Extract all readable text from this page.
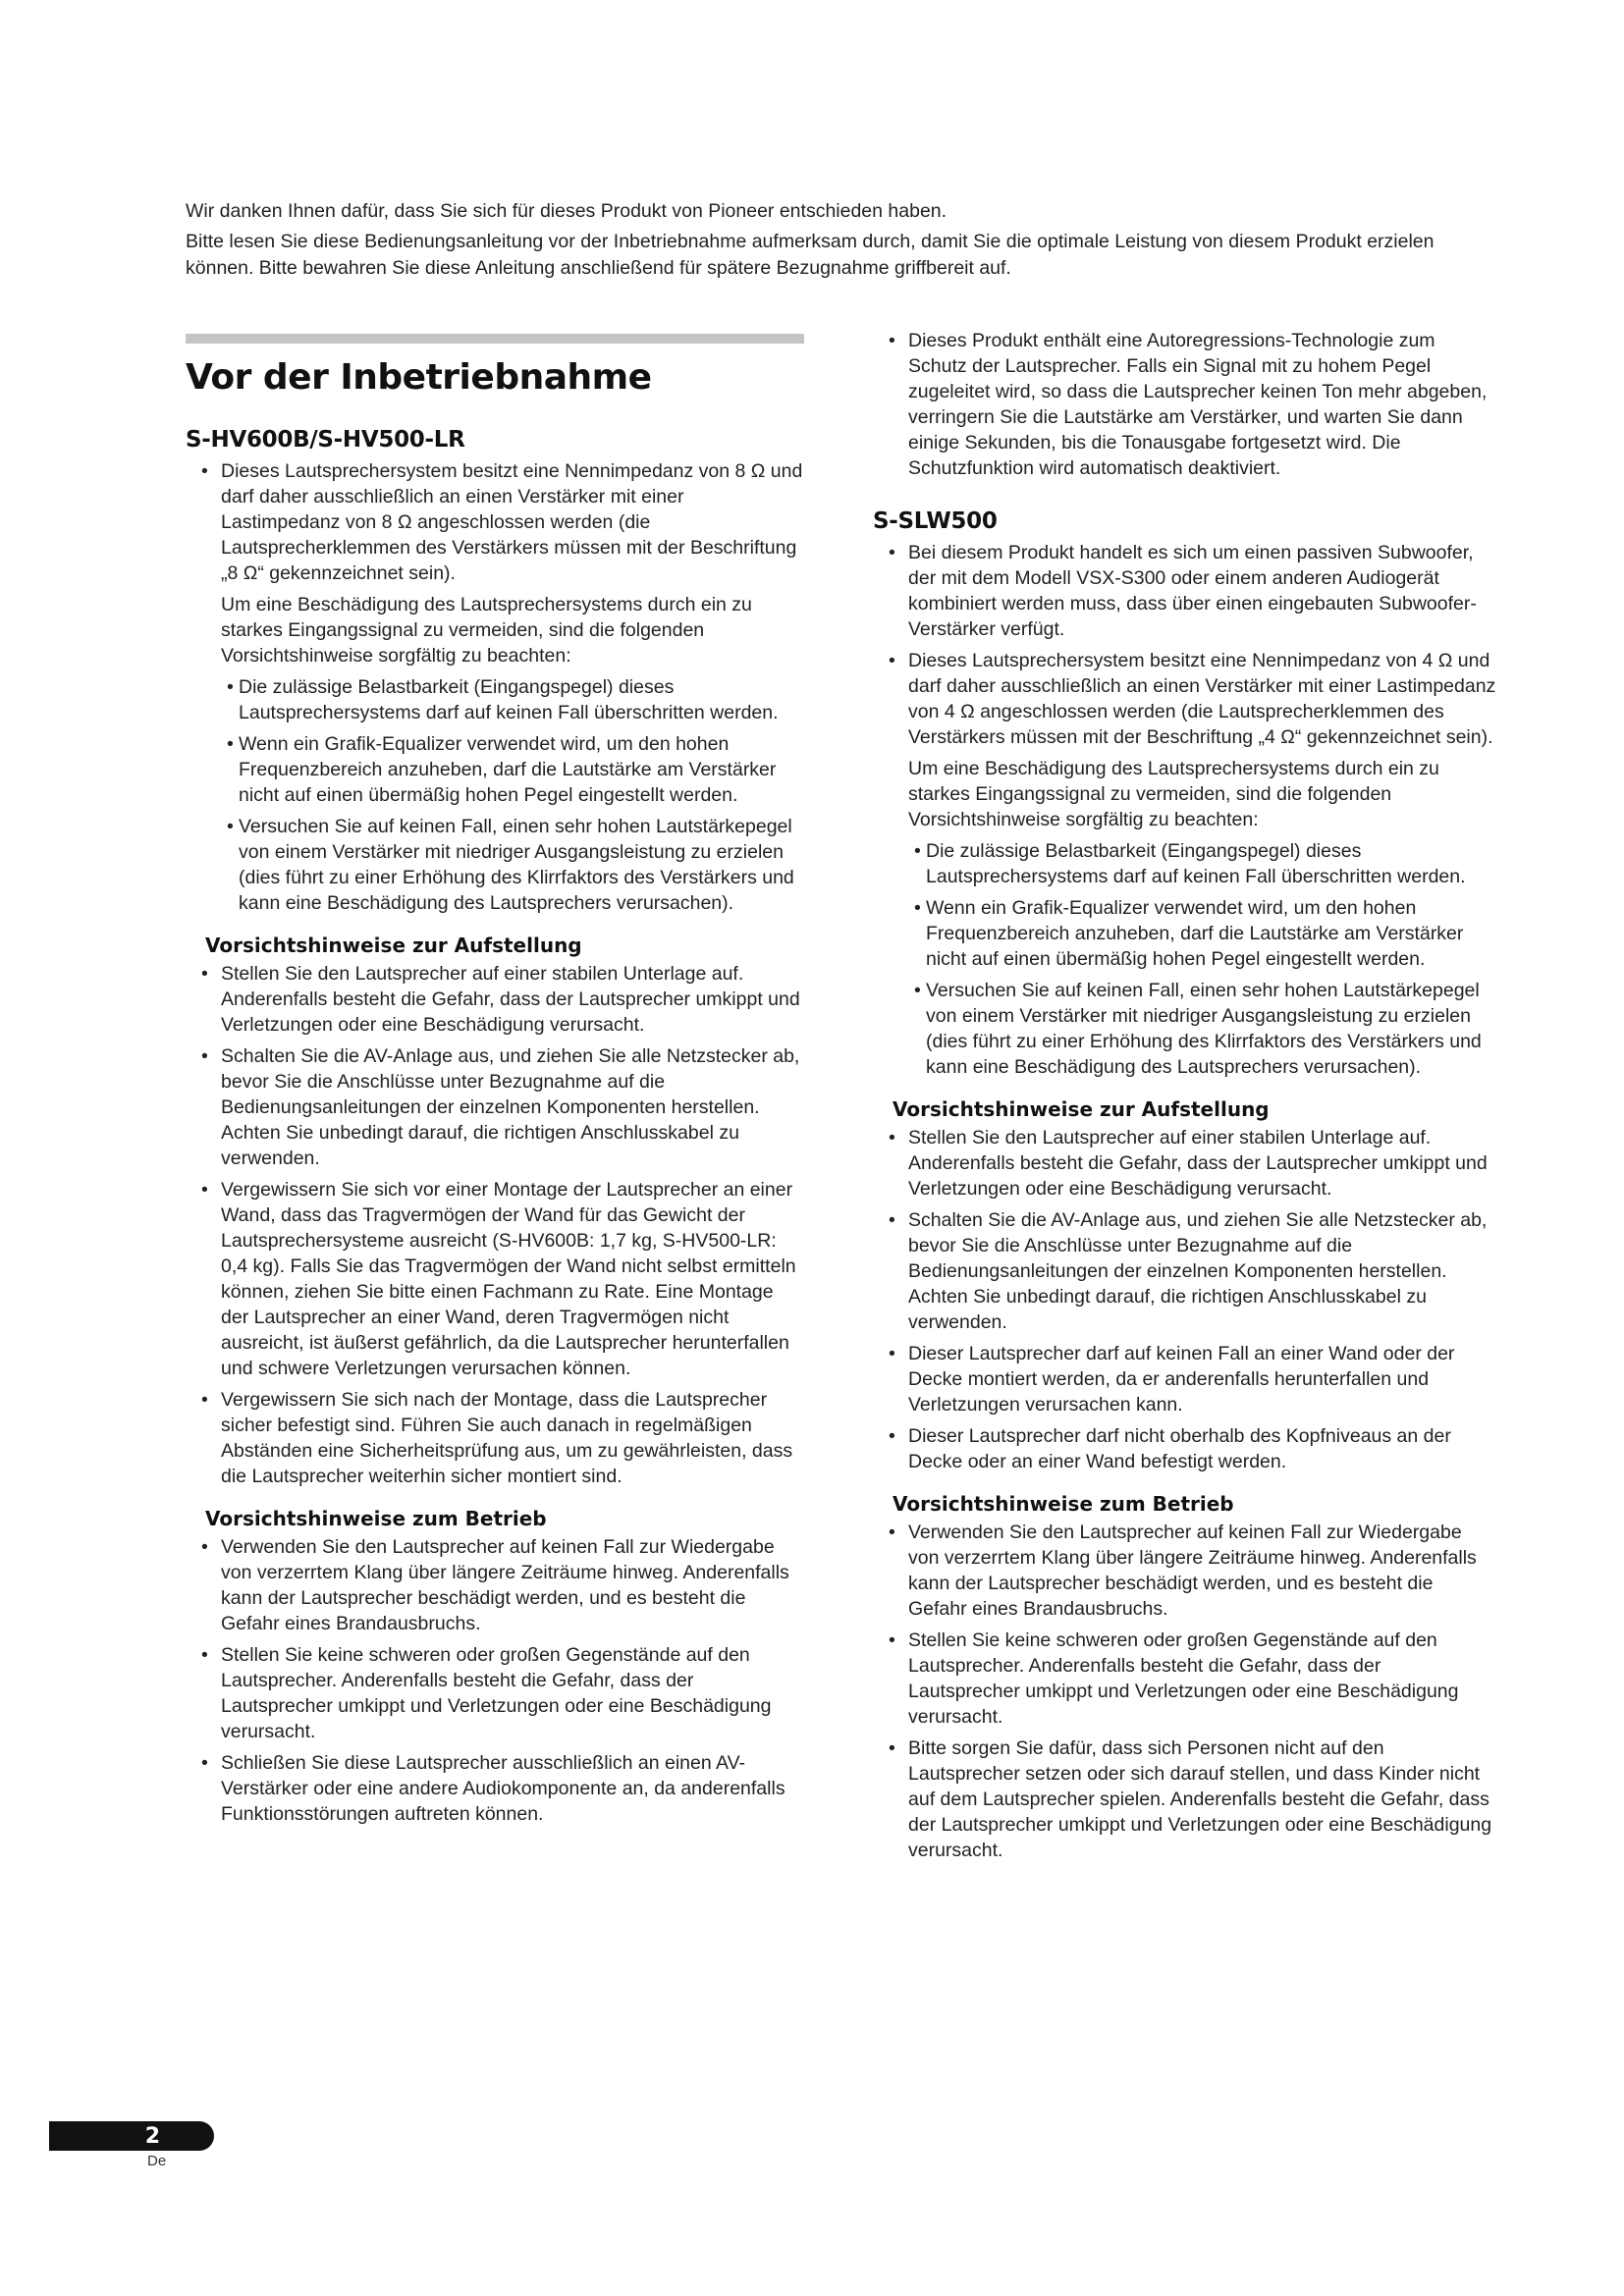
Wir danken Ihnen dafür, dass Sie sich für dieses Produkt von Pioneer entschieden haben.

Bitte lesen Sie diese Bedienungsanleitung vor der Inbetriebnahme aufmerksam durch, damit Sie die optimale Leistung von diesem Produkt erzielen können. Bitte bewahren Sie diese Anleitung anschließend für spätere Bezugnahme griffbereit auf.

Vor der Inbetriebnahme
S-HV600B/S-HV500-LR
• Dieses Lautsprechersystem besitzt eine Nennimpedanz von 8 Ω und darf daher ausschließlich an einen Verstärker mit einer Lastimpedanz von 8 Ω angeschlossen werden (die Lautsprecherklemmen des Verstärkers müssen mit der Beschriftung „8 Ω“ gekennzeichnet sein).
Um eine Beschädigung des Lautsprechersystems durch ein zu starkes Eingangssignal zu vermeiden, sind die folgenden Vorsichtshinweise sorgfältig zu beachten:
• Die zulässige Belastbarkeit (Eingangspegel) dieses Lautsprechersystems darf auf keinen Fall überschritten werden.
• Wenn ein Grafik-Equalizer verwendet wird, um den hohen Frequenzbereich anzuheben, darf die Lautstärke am Verstärker nicht auf einen übermäßig hohen Pegel eingestellt werden.
• Versuchen Sie auf keinen Fall, einen sehr hohen Lautstärkepegel von einem Verstärker mit niedriger Ausgangsleistung zu erzielen (dies führt zu einer Erhöhung des Klirrfaktors des Verstärkers und kann eine Beschädigung des Lautsprechers verursachen).
Vorsichtshinweise zur Aufstellung
• Stellen Sie den Lautsprecher auf einer stabilen Unterlage auf. Anderenfalls besteht die Gefahr, dass der Lautsprecher umkippt und Verletzungen oder eine Beschädigung verursacht.
• Schalten Sie die AV-Anlage aus, und ziehen Sie alle Netzstecker ab, bevor Sie die Anschlüsse unter Bezugnahme auf die Bedienungsanleitungen der einzelnen Komponenten herstellen. Achten Sie unbedingt darauf, die richtigen Anschlusskabel zu verwenden.
• Vergewissern Sie sich vor einer Montage der Lautsprecher an einer Wand, dass das Tragvermögen der Wand für das Gewicht der Lautsprechersysteme ausreicht (S-HV600B: 1,7 kg, S-HV500-LR: 0,4 kg). Falls Sie das Tragvermögen der Wand nicht selbst ermitteln können, ziehen Sie bitte einen Fachmann zu Rate. Eine Montage der Lautsprecher an einer Wand, deren Tragvermögen nicht ausreicht, ist äußerst gefährlich, da die Lautsprecher herunterfallen und schwere Verletzungen verursachen können.
• Vergewissern Sie sich nach der Montage, dass die Lautsprecher sicher befestigt sind. Führen Sie auch danach in regelmäßigen Abständen eine Sicherheitsprüfung aus, um zu gewährleisten, dass die Lautsprecher weiterhin sicher montiert sind.
Vorsichtshinweise zum Betrieb
• Verwenden Sie den Lautsprecher auf keinen Fall zur Wiedergabe von verzerrtem Klang über längere Zeiträume hinweg. Anderenfalls kann der Lautsprecher beschädigt werden, und es besteht die Gefahr eines Brandausbruchs.
• Stellen Sie keine schweren oder großen Gegenstände auf den Lautsprecher. Anderenfalls besteht die Gefahr, dass der Lautsprecher umkippt und Verletzungen oder eine Beschädigung verursacht.
• Schließen Sie diese Lautsprecher ausschließlich an einen AV-Verstärker oder eine andere Audiokomponente an, da anderenfalls Funktionsstörungen auftreten können.
• Dieses Produkt enthält eine Autoregressions-Technologie zum Schutz der Lautsprecher. Falls ein Signal mit zu hohem Pegel zugeleitet wird, so dass die Lautsprecher keinen Ton mehr abgeben, verringern Sie die Lautstärke am Verstärker, und warten Sie dann einige Sekunden, bis die Tonausgabe fortgesetzt wird. Die Schutzfunktion wird automatisch deaktiviert.
S-SLW500
• Bei diesem Produkt handelt es sich um einen passiven Subwoofer, der mit dem Modell VSX-S300 oder einem anderen Audiogerät kombiniert werden muss, dass über einen eingebauten Subwoofer-Verstärker verfügt.
• Dieses Lautsprechersystem besitzt eine Nennimpedanz von 4 Ω und darf daher ausschließlich an einen Verstärker mit einer Lastimpedanz von 4 Ω angeschlossen werden (die Lautsprecherklemmen des Verstärkers müssen mit der Beschriftung „4 Ω“ gekennzeichnet sein).
Um eine Beschädigung des Lautsprechersystems durch ein zu starkes Eingangssignal zu vermeiden, sind die folgenden Vorsichtshinweise sorgfältig zu beachten:
• Die zulässige Belastbarkeit (Eingangspegel) dieses Lautsprechersystems darf auf keinen Fall überschritten werden.
• Wenn ein Grafik-Equalizer verwendet wird, um den hohen Frequenzbereich anzuheben, darf die Lautstärke am Verstärker nicht auf einen übermäßig hohen Pegel eingestellt werden.
• Versuchen Sie auf keinen Fall, einen sehr hohen Lautstärkepegel von einem Verstärker mit niedriger Ausgangsleistung zu erzielen (dies führt zu einer Erhöhung des Klirrfaktors des Verstärkers und kann eine Beschädigung des Lautsprechers verursachen).
Vorsichtshinweise zur Aufstellung
• Stellen Sie den Lautsprecher auf einer stabilen Unterlage auf. Anderenfalls besteht die Gefahr, dass der Lautsprecher umkippt und Verletzungen oder eine Beschädigung verursacht.
• Schalten Sie die AV-Anlage aus, und ziehen Sie alle Netzstecker ab, bevor Sie die Anschlüsse unter Bezugnahme auf die Bedienungsanleitungen der einzelnen Komponenten herstellen. Achten Sie unbedingt darauf, die richtigen Anschlusskabel zu verwenden.
• Dieser Lautsprecher darf auf keinen Fall an einer Wand oder der Decke montiert werden, da er anderenfalls herunterfallen und Verletzungen verursachen kann.
• Dieser Lautsprecher darf nicht oberhalb des Kopfniveaus an der Decke oder an einer Wand befestigt werden.
Vorsichtshinweise zum Betrieb
• Verwenden Sie den Lautsprecher auf keinen Fall zur Wiedergabe von verzerrtem Klang über längere Zeiträume hinweg. Anderenfalls kann der Lautsprecher beschädigt werden, und es besteht die Gefahr eines Brandausbruchs.
• Stellen Sie keine schweren oder großen Gegenstände auf den Lautsprecher. Anderenfalls besteht die Gefahr, dass der Lautsprecher umkippt und Verletzungen oder eine Beschädigung verursacht.
• Bitte sorgen Sie dafür, dass sich Personen nicht auf den Lautsprecher setzen oder sich darauf stellen, und dass Kinder nicht auf dem Lautsprecher spielen. Anderenfalls besteht die Gefahr, dass der Lautsprecher umkippt und Verletzungen oder eine Beschädigung verursacht.
2
De
